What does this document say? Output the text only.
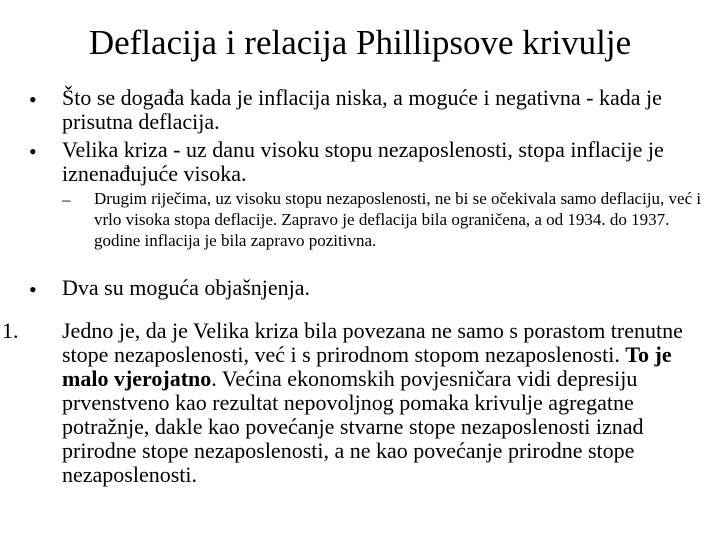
Deflacija i relacija Phillipsove krivulje
• Što se događa kada je inflacija niska, a moguće i negativna - kada je prisutna deflacija.
• Velika kriza - uz danu visoku stopu nezaposlenosti, stopa inflacije je iznenađujuće visoka.
– Drugim riječima, uz visoku stopu nezaposlenosti, ne bi se očekivala samo deflaciju, već i vrlo visoka stopa deflacije. Zapravo je deflacija bila ograničena, a od 1934. do 1937. godine inflacija je bila zapravo pozitivna.
• Dva su moguća objašnjenja.
1. Jedno je, da je Velika kriza bila povezana ne samo s porastom trenutne stope nezaposlenosti, već i s prirodnom stopom nezaposlenosti. To je malo vjerojatno. Većina ekonomskih povjesničara vidi depresiju prvenstveno kao rezultat nepovoljnog pomaka krivulje agregatne potražnje, dakle kao povećanje stvarne stope nezaposlenosti iznad prirodne stope nezaposlenosti, a ne kao povećanje prirodne stope nezaposlenosti.
